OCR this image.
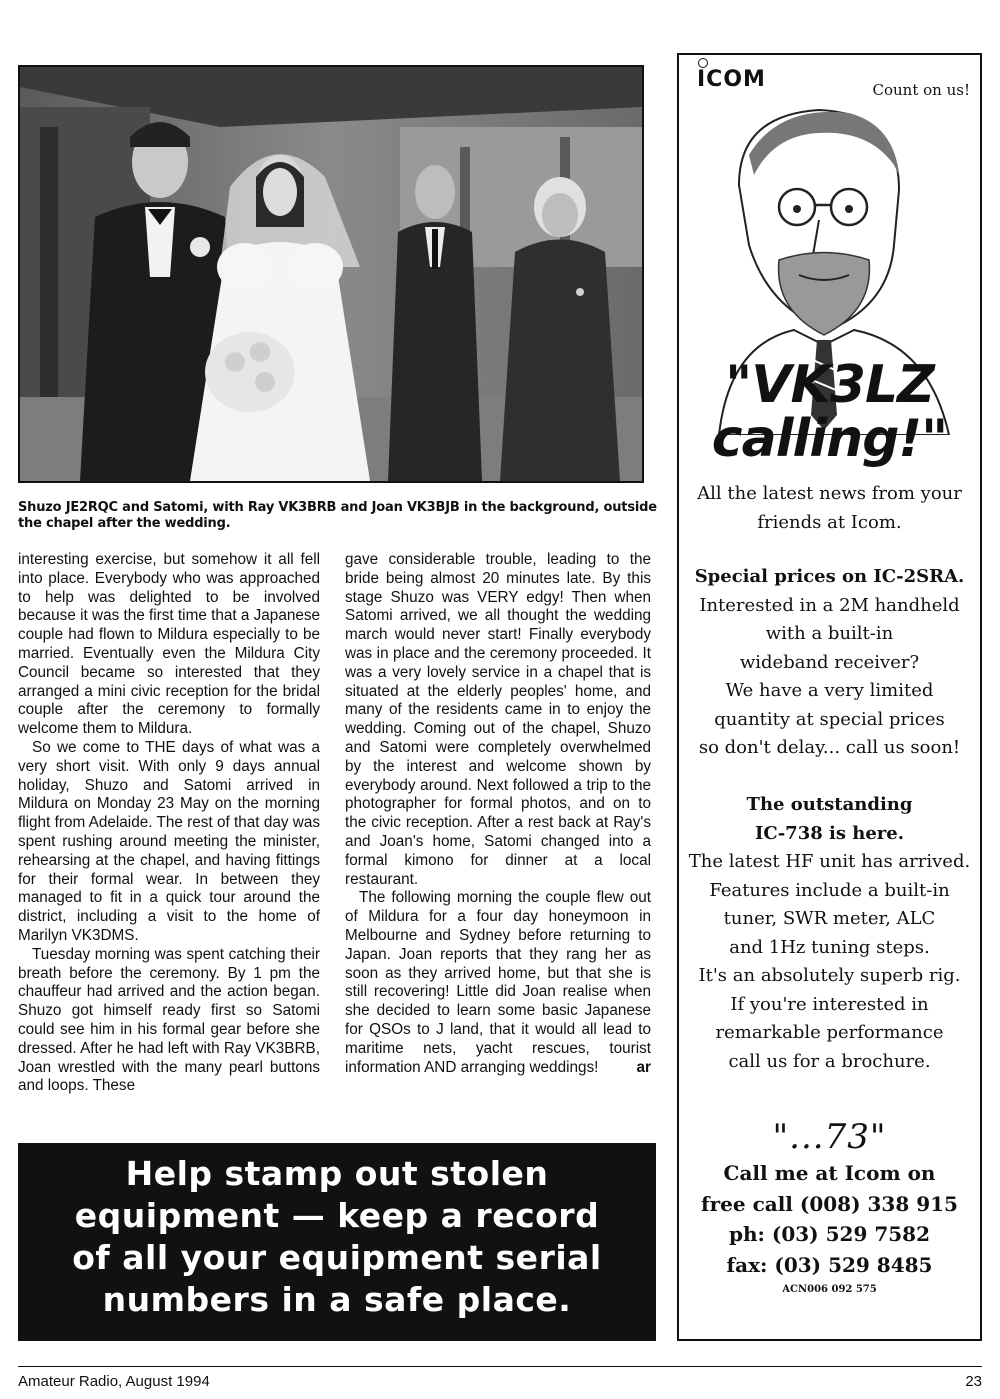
Shuzo JE2RQC and Satomi, with Ray VK3BRB and Joan VK3BJB in the background, outside the chapel after the wedding.

interesting exercise, but somehow it all fell into place. Everybody who was approached to help was delighted to be involved because it was the first time that a Japanese couple had flown to Mildura especially to be married. Eventually even the Mildura City Council became so interested that they arranged a mini civic reception for the bridal couple after the ceremony to formally welcome them to Mildura.

So we come to THE days of what was a very short visit. With only 9 days annual holiday, Shuzo and Satomi arrived in Mildura on Monday 23 May on the morning flight from Adelaide. The rest of that day was spent rushing around meeting the minister, rehearsing at the chapel, and having fittings for their formal wear. In between they managed to fit in a quick tour around the district, including a visit to the home of Marilyn VK3DMS.

Tuesday morning was spent catching their breath before the ceremony. By 1 pm the chauffeur had arrived and the action began. Shuzo got himself ready first so Satomi could see him in his formal gear before she dressed. After he had left with Ray VK3BRB, Joan wrestled with the many pearl buttons and loops. These

gave considerable trouble, leading to the bride being almost 20 minutes late. By this stage Shuzo was VERY edgy! Then when Satomi arrived, we all thought the wedding march would never start! Finally everybody was in place and the ceremony proceeded. It was a very lovely service in a chapel that is situated at the elderly peoples' home, and many of the residents came in to enjoy the wedding. Coming out of the chapel, Shuzo and Satomi were completely overwhelmed by the interest and welcome shown by everybody around. Next followed a trip to the photographer for formal photos, and on to the civic reception. After a rest back at Ray's and Joan's home, Satomi changed into a formal kimono for dinner at a local restaurant.

The following morning the couple flew out of Mildura for a four day honeymoon in Melbourne and Sydney before returning to Japan. Joan reports that they rang her as soon as they arrived home, but that she is still recovering! Little did Joan realise when she decided to learn some basic Japanese for QSOs to J land, that it would all lead to maritime nets, yacht rescues, tourist information AND arranging weddings!	ar

Help stamp out stolen
equipment — keep a record
of all your equipment serial
numbers in a safe place.
ICOM	Count on us!
"VK3LZ
calling!"
All the latest news from your
friends at Icom.
Special prices on IC-2SRA.
Interested in a 2M handheld
with a built-in
wideband receiver?
We have a very limited
quantity at special prices
so don't delay... call us soon!
The outstanding
IC-738 is here.
The latest HF unit has arrived.
Features include a built-in
tuner, SWR meter, ALC
and 1Hz tuning steps.
It's an absolutely superb rig.
If you're interested in
remarkable performance
call us for a brochure.
"...73"
Call me at Icom on
free call (008) 338 915
ph: (03) 529 7582
fax: (03) 529 8485
ACN006 092 575
Amateur Radio, August 1994	23
